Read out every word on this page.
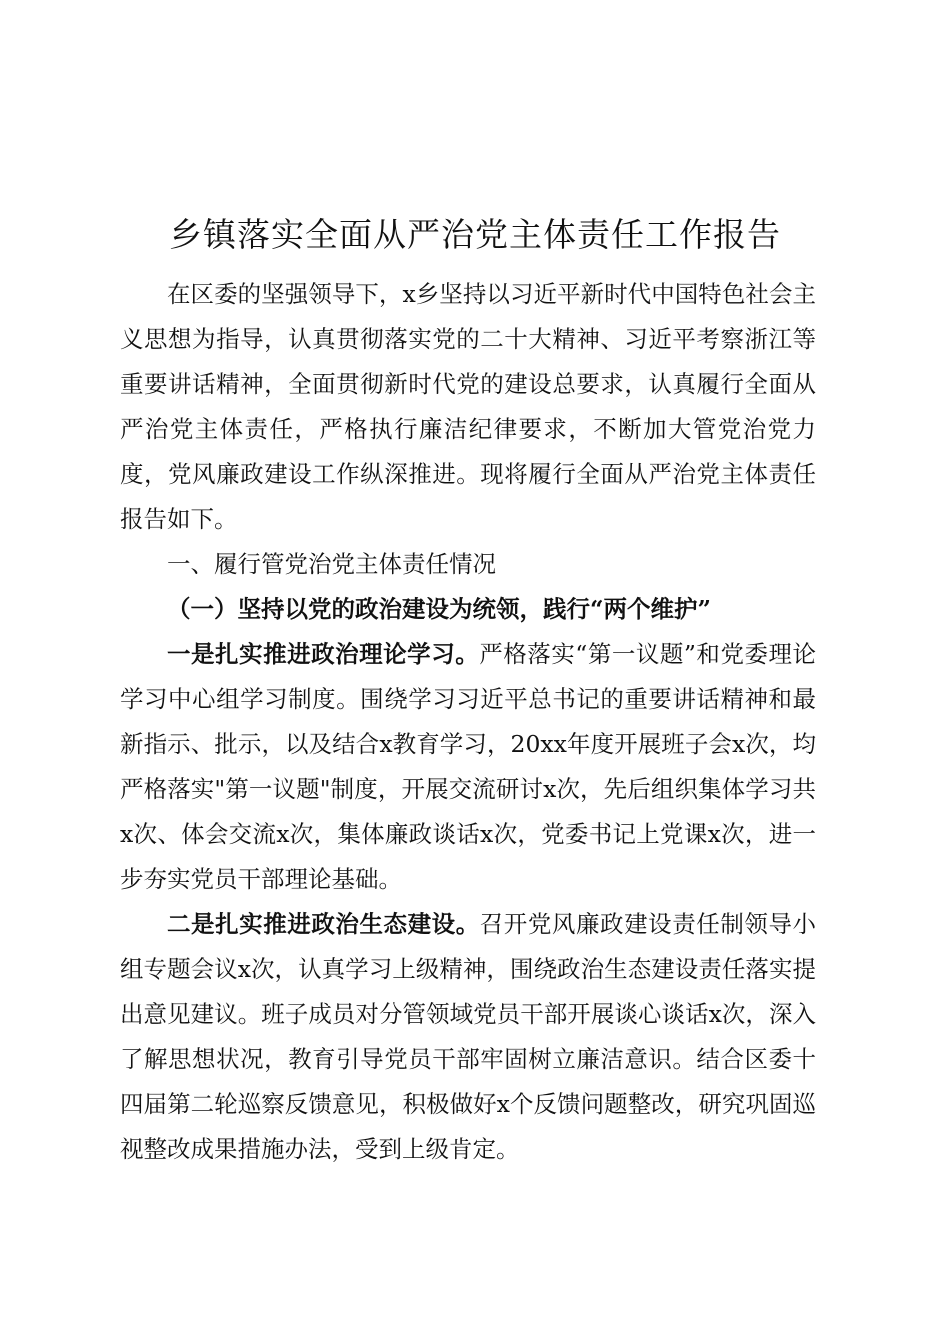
乡镇落实全面从严治党主体责任工作报告

在区委的坚强领导下，x乡坚持以习近平新时代中国特色社会主义思想为指导，认真贯彻落实党的二十大精神、习近平考察浙江等重要讲话精神，全面贯彻新时代党的建设总要求，认真履行全面从严治党主体责任，严格执行廉洁纪律要求，不断加大管党治党力度，党风廉政建设工作纵深推进。现将履行全面从严治党主体责任报告如下。

一、履行管党治党主体责任情况

（一）坚持以党的政治建设为统领，践行“两个维护”

一是扎实推进政治理论学习。严格落实“第一议题”和党委理论学习中心组学习制度。围绕学习习近平总书记的重要讲话精神和最新指示、批示，以及结合x教育学习，20xx年度开展班子会x次，均严格落实"第一议题"制度，开展交流研讨x次，先后组织集体学习共x次、体会交流x次，集体廉政谈话x次，党委书记上党课x次，进一步夯实党员干部理论基础。

二是扎实推进政治生态建设。召开党风廉政建设责任制领导小组专题会议x次，认真学习上级精神，围绕政治生态建设责任落实提出意见建议。班子成员对分管领域党员干部开展谈心谈话x次，深入了解思想状况，教育引导党员干部牢固树立廉洁意识。结合区委十四届第二轮巡察反馈意见，积极做好x个反馈问题整改，研究巩固巡视整改成果措施办法，受到上级肯定。
